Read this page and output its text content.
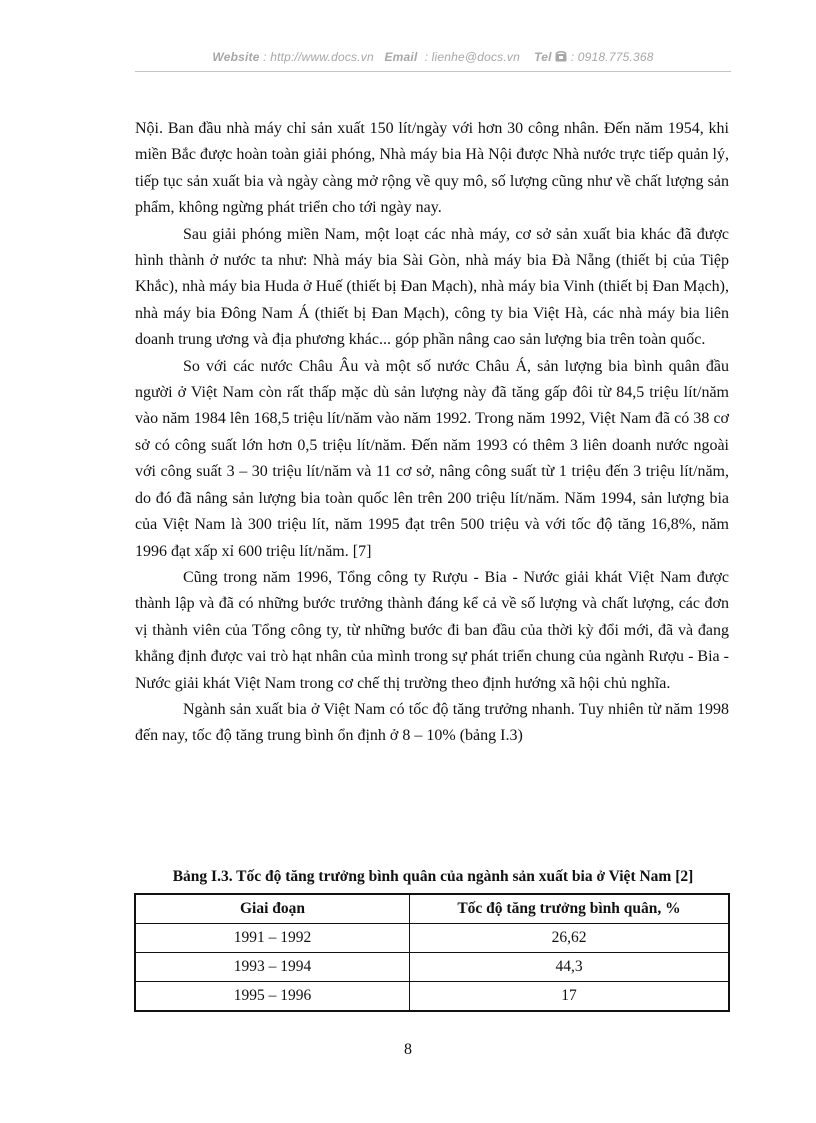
Website : http://www.docs.vn Email : lienhe@docs.vn Tel : 0918.775.368

Nội. Ban đầu nhà máy chỉ sản xuất 150 lít/ngày với hơn 30 công nhân. Đến năm 1954, khi miền Bắc được hoàn toàn giải phóng, Nhà máy bia Hà Nội được Nhà nước trực tiếp quản lý, tiếp tục sản xuất bia và ngày càng mở rộng về quy mô, số lượng cũng như về chất lượng sản phẩm, không ngừng phát triển cho tới ngày nay.

Sau giải phóng miền Nam, một loạt các nhà máy, cơ sở sản xuất bia khác đã được hình thành ở nước ta như: Nhà máy bia Sài Gòn, nhà máy bia Đà Nẵng (thiết bị của Tiệp Khắc), nhà máy bia Huda ở Huế (thiết bị Đan Mạch), nhà máy bia Vinh (thiết bị Đan Mạch), nhà máy bia Đông Nam Á (thiết bị Đan Mạch), công ty bia Việt Hà, các nhà máy bia liên doanh trung ương và địa phương khác... góp phần nâng cao sản lượng bia trên toàn quốc.

So với các nước Châu Âu và một số nước Châu Á, sản lượng bia bình quân đầu người ở Việt Nam còn rất thấp mặc dù sản lượng này đã tăng gấp đôi từ 84,5 triệu lít/năm vào năm 1984 lên 168,5 triệu lít/năm vào năm 1992. Trong năm 1992, Việt Nam đã có 38 cơ sở có công suất lớn hơn 0,5 triệu lít/năm. Đến năm 1993 có thêm 3 liên doanh nước ngoài với công suất 3 – 30 triệu lít/năm và 11 cơ sở, nâng công suất từ 1 triệu đến 3 triệu lít/năm, do đó đã nâng sản lượng bia toàn quốc lên trên 200 triệu lít/năm. Năm 1994, sản lượng bia của Việt Nam là 300 triệu lít, năm 1995 đạt trên 500 triệu và với tốc độ tăng 16,8%, năm 1996 đạt xấp xỉ 600 triệu lít/năm. [7]

Cũng trong năm 1996, Tổng công ty Rượu - Bia - Nước giải khát Việt Nam được thành lập và đã có những bước trưởng thành đáng kể cả về số lượng và chất lượng, các đơn vị thành viên của Tổng công ty, từ những bước đi ban đầu của thời kỳ đổi mới, đã và đang khẳng định được vai trò hạt nhân của mình trong sự phát triển chung của ngành Rượu - Bia - Nước giải khát Việt Nam trong cơ chế thị trường theo định hướng xã hội chủ nghĩa.

Ngành sản xuất bia ở Việt Nam có tốc độ tăng trưởng nhanh. Tuy nhiên từ năm 1998 đến nay, tốc độ tăng trung bình ổn định ở 8 – 10% (bảng I.3)

Bảng I.3. Tốc độ tăng trưởng bình quân của ngành sản xuất bia ở Việt Nam [2]
Giai đoạn	Tốc độ tăng trưởng bình quân, %
1991 – 1992	26,62
1993 – 1994	44,3
1995 – 1996	17
8
